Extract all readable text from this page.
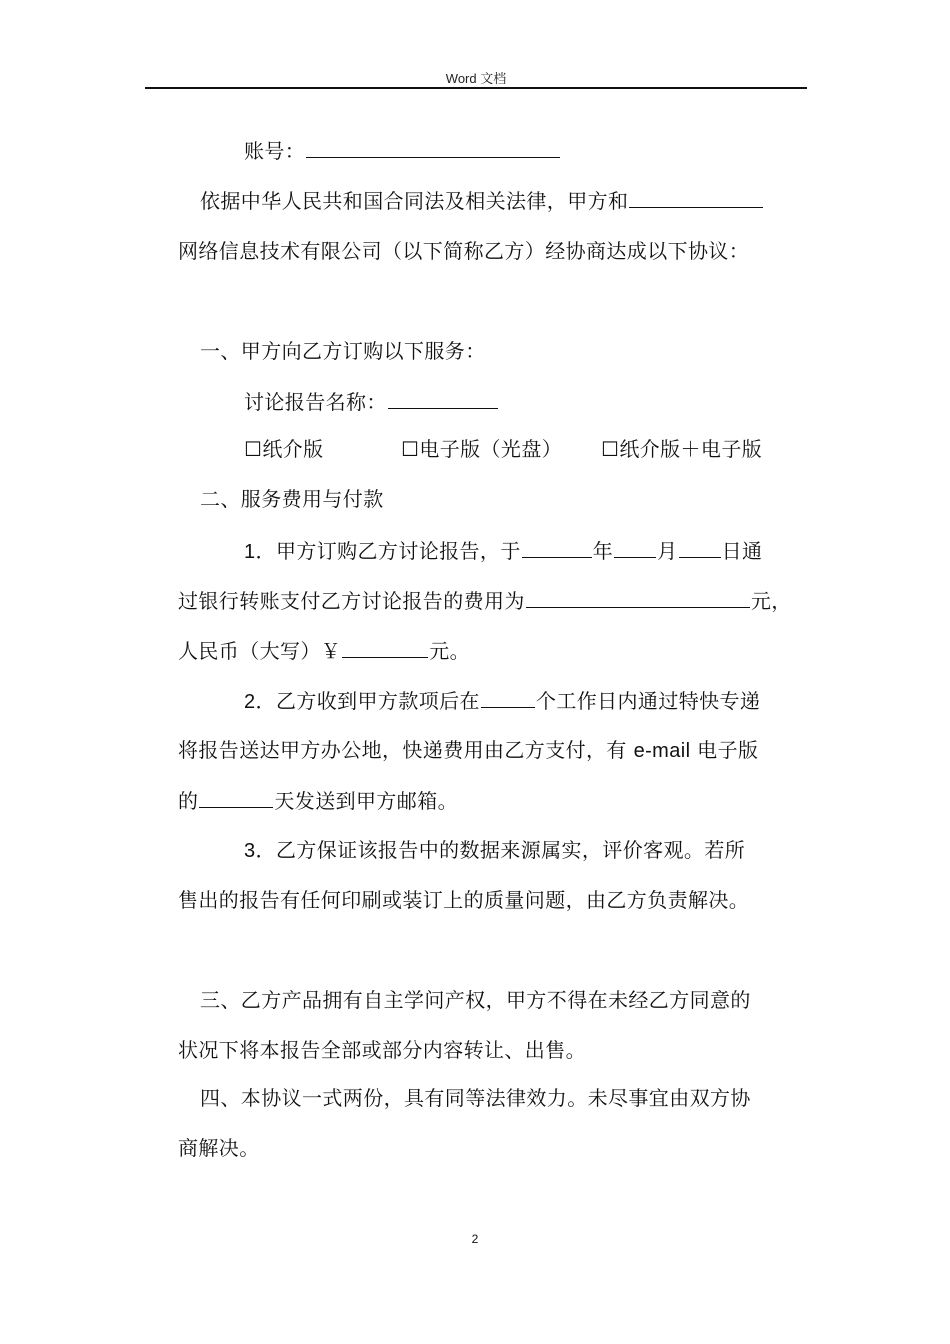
Word 文档
账号：
依据中华人民共和国合同法及相关法律，甲方和
网络信息技术有限公司（以下简称乙方）经协商达成以下协议：
一、甲方向乙方订购以下服务：
讨论报告名称：
☐纸介版	☐电子版（光盘） ☐纸介版＋电子版
二、服务费用与付款
1．甲方订购乙方讨论报告，于	年 月 日通
过银行转账支付乙方讨论报告的费用为	元，
人民币（大写）￥	元。
2．乙方收到甲方款项后在	个工作日内通过特快专递
将报告送达甲方办公地，快递费用由乙方支付，有 e-mail 电子版
的	天发送到甲方邮箱。
3．乙方保证该报告中的数据来源属实，评价客观。若所
售出的报告有任何印刷或装订上的质量问题，由乙方负责解决。
三、乙方产品拥有自主学问产权，甲方不得在未经乙方同意的
状况下将本报告全部或部分内容转让、出售。
四、本协议一式两份，具有同等法律效力。未尽事宜由双方协
商解决。
2
